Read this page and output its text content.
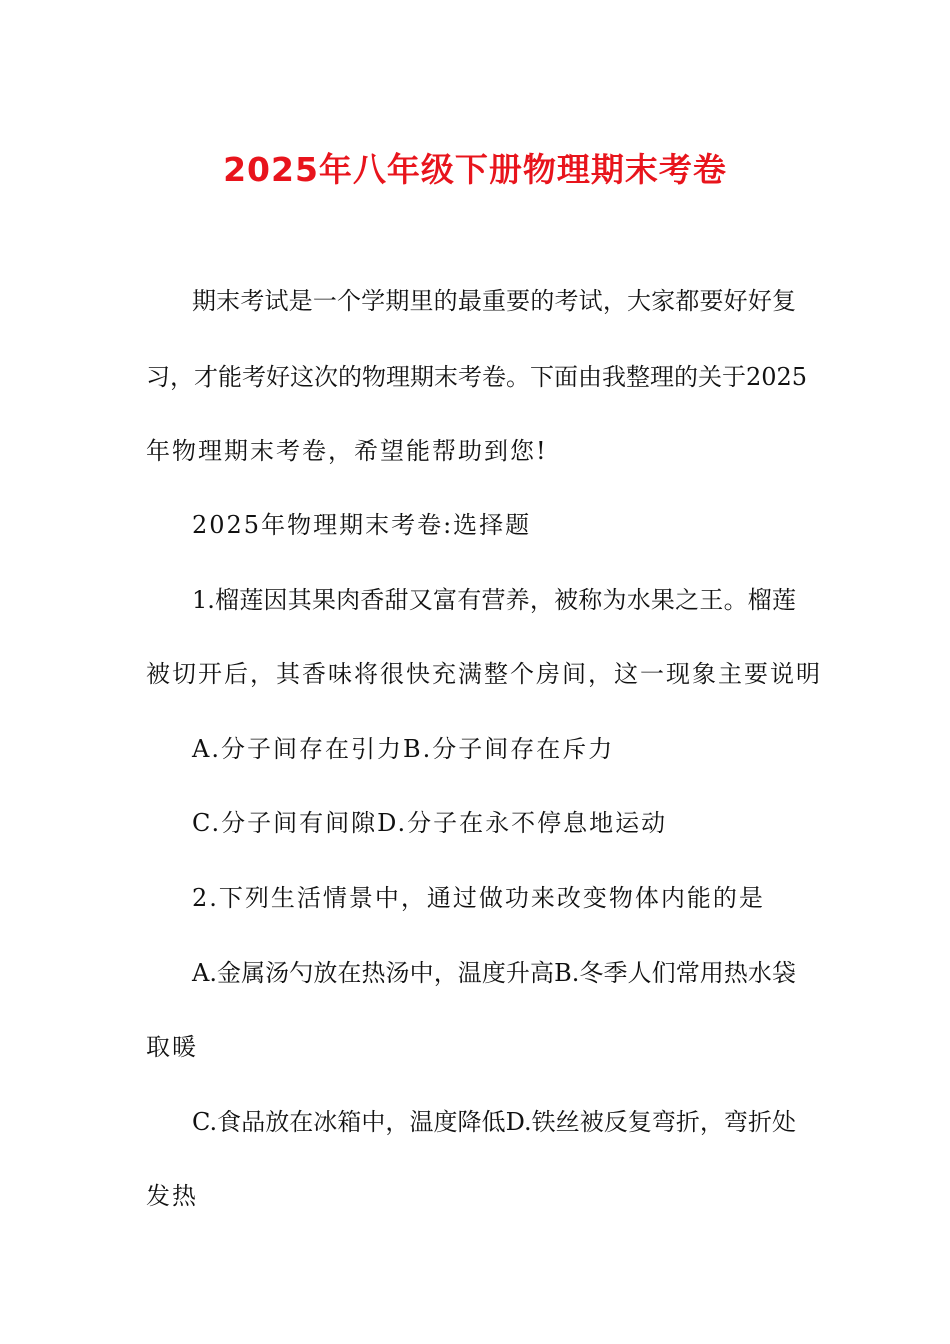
2025年八年级下册物理期末考卷
期末考试是一个学期里的最重要的考试，大家都要好好复
习，才能考好这次的物理期末考卷。下面由我整理的关于2025
年物理期末考卷，希望能帮助到您!
2025年物理期末考卷:选择题
1.榴莲因其果肉香甜又富有营养，被称为水果之王。榴莲
被切开后，其香味将很快充满整个房间，这一现象主要说明
A.分子间存在引力B.分子间存在斥力
C.分子间有间隙D.分子在永不停息地运动
2.下列生活情景中，通过做功来改变物体内能的是
A.金属汤勺放在热汤中，温度升高B.冬季人们常用热水袋
取暖
C.食品放在冰箱中，温度降低D.铁丝被反复弯折，弯折处
发热
